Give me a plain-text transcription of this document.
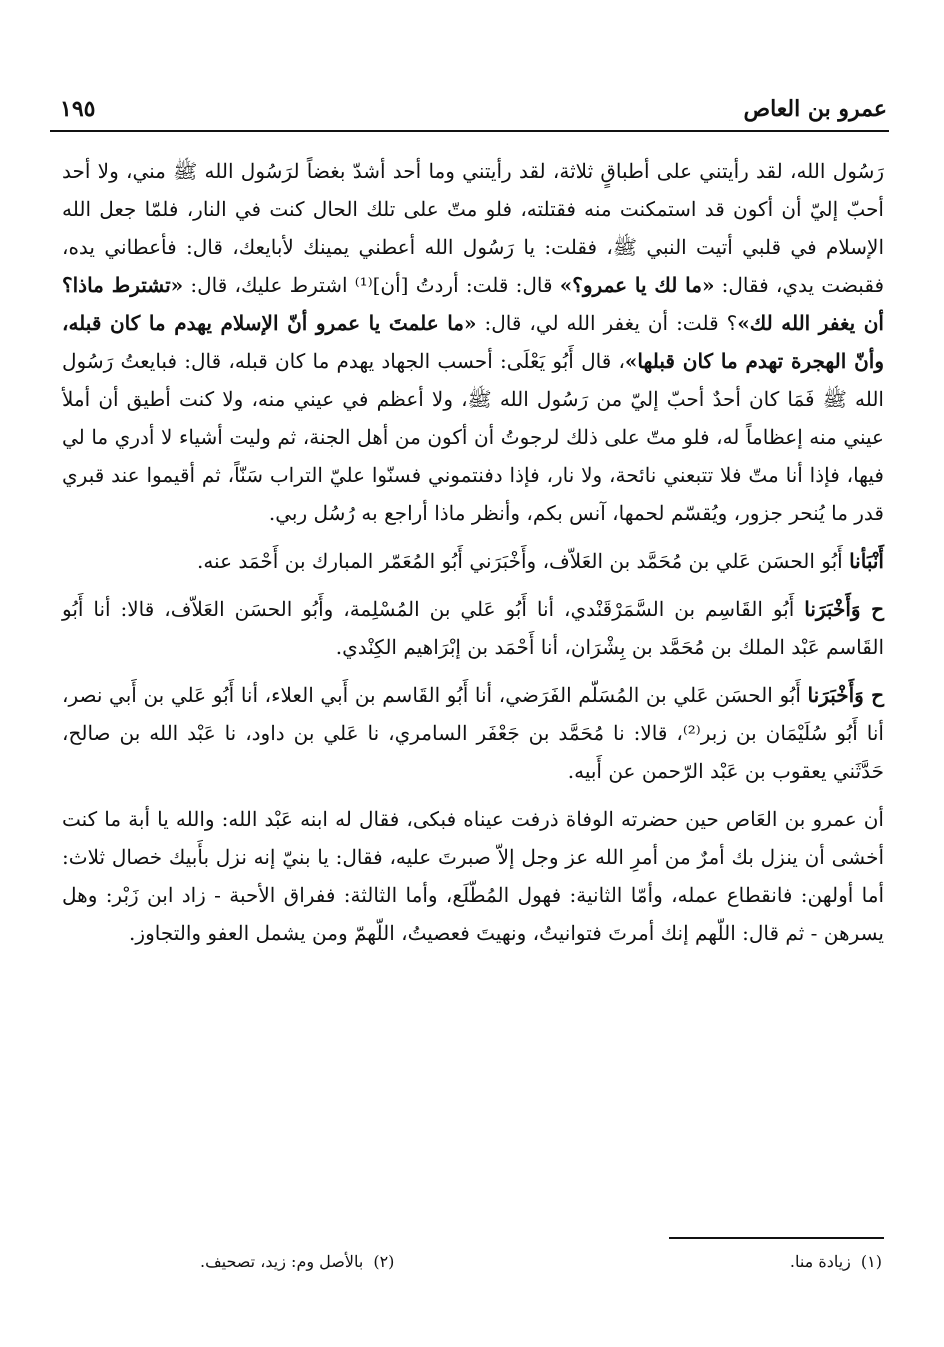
عمرو بن العاص
١٩٥

رَسُول الله، لقد رأيتني على أطباقٍ ثلاثة، لقد رأيتني وما أحد أشدّ بغضاً لرَسُول الله ﷺ مني، ولا أحد أحبّ إليّ أن أكون قد استمكنت منه فقتلته، فلو متّ على تلك الحال كنت في النار، فلمّا جعل الله الإسلام في قلبي أتيت النبي ﷺ، فقلت: يا رَسُول الله أعطني يمينك لأبايعك، قال: فأعطاني يده، فقبضت يدي، فقال: «ما لك يا عمرو؟» قال: قلت: أردتُ [أن]⁽¹⁾ اشترط عليك، قال: «تشترط ماذا؟ أن يغفر الله لك»؟ قلت: أن يغفر الله لي، قال: «ما علمتَ يا عمرو أنّ الإسلام يهدم ما كان قبله، وأنّ الهجرة تهدم ما كان قبلها»، قال أَبُو يَعْلَى: أحسب الجهاد يهدم ما كان قبله، قال: فبايعتُ رَسُول الله ﷺ فَمَا كان أحدٌ أحبّ إليّ من رَسُول الله ﷺ، ولا أعظم في عيني منه، ولا كنت أطيق أن أملأ عيني منه إعظاماً له، فلو متّ على ذلك لرجوتُ أن أكون من أهل الجنة، ثم وليت أشياء لا أدري ما لي فيها، فإذا أنا متّ فلا تتبعني نائحة، ولا نار، فإذا دفنتموني فسنّوا عليّ التراب سَنّاً، ثم أقيموا عند قبري قدر ما يُنحر جزور، ويُقسّم لحمها، آنس بكم، وأنظر ماذا أراجع به رُسُل ربي.

أَنْبَأنا أَبُو الحسَن عَلي بن مُحَمَّد بن العَلاّف، وأَخْبَرَني أَبُو المُعَمّر المبارك بن أَحْمَد عنه.

ح وَأَخْبَرَنا أَبُو القَاسِم بن السَّمَرْقَنْدي، أنا أَبُو عَلي بن المُسْلِمة، وأَبُو الحسَن العَلاّف، قالا: أنا أَبُو القَاسم عَبْد الملك بن مُحَمَّد بن بِشْرَان، أنا أَحْمَد بن إبْرَاهيم الكِنْدي.

ح وَأَخْبَرَنا أَبُو الحسَن عَلي بن المُسَلّم الفَرَضي، أنا أَبُو القَاسم بن أَبي العلاء، أنا أَبُو عَلي بن أَبي نصر، أنا أَبُو سُلَيْمَان بن زبر⁽²⁾، قالا: نا مُحَمَّد بن جَعْفَر السامري، نا عَلي بن داود، نا عَبْد الله بن صالح، حَدَّثَني يعقوب بن عَبْد الرّحمن عن أَبيه.

أن عمرو بن العَاص حين حضرته الوفاة ذرفت عيناه فبكى، فقال له ابنه عَبْد الله: والله يا أبة ما كنت أخشى أن ينزل بك أمرٌ من أمرِ الله عز وجل إلاّ صبرتَ عليه، فقال: يا بنيّ إنه نزل بأَبيك خصال ثلاث: أما أولهن: فانقطاع عمله، وأمّا الثانية: فهول المُطّلَع، وأما الثالثة: ففراق الأحبة - زاد ابن زَبْر: وهل يسرهن - ثم قال: اللّهم إنك أمرتَ فتوانيتُ، ونهيتَ فعصيتُ، اللّهمّ ومن يشمل العفو والتجاوز.

(١)
زيادة منا.
(٢)
بالأصل وم: زيد، تصحيف.
